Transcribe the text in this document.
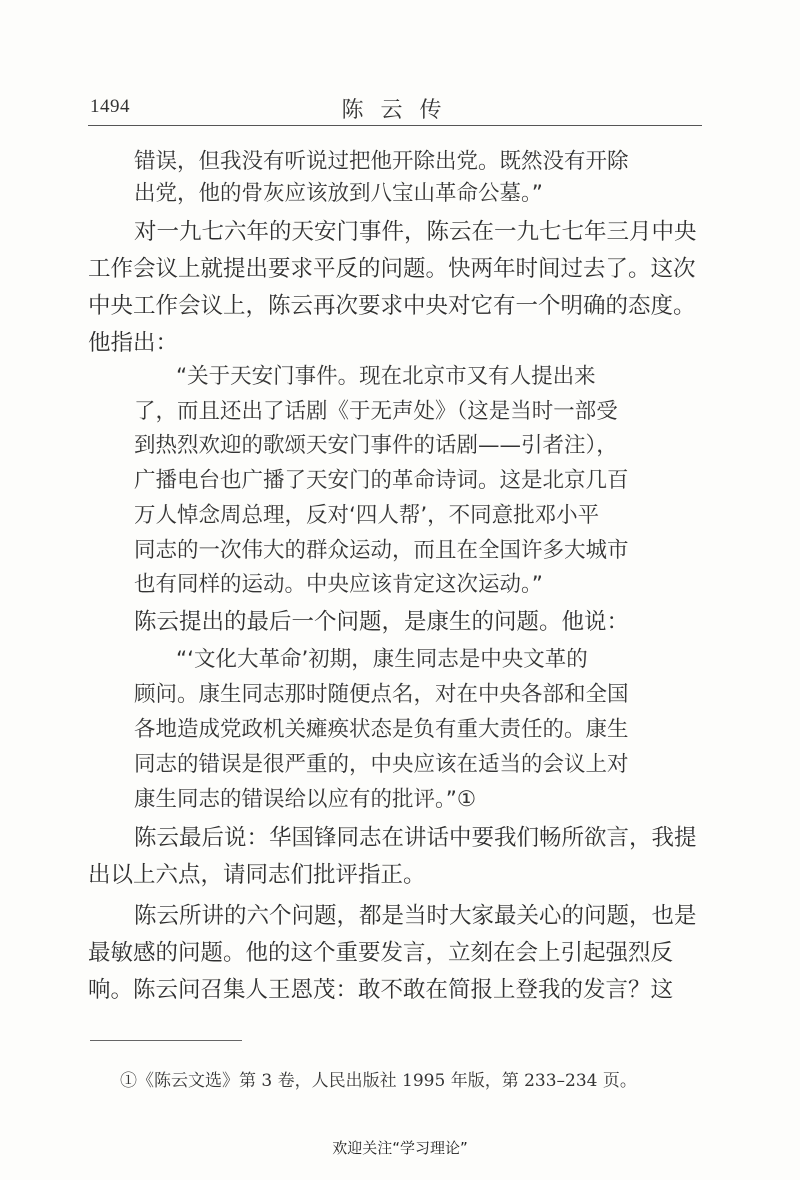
1494	陈云传
错误，但我没有听说过把他开除出党。既然没有开除
出党，他的骨灰应该放到八宝山革命公墓。”
对一九七六年的天安门事件，陈云在一九七七年三月中央
工作会议上就提出要求平反的问题。快两年时间过去了。这次
中央工作会议上，陈云再次要求中央对它有一个明确的态度。
他指出：
“关于天安门事件。现在北京市又有人提出来
了，而且还出了话剧《于无声处》（这是当时一部受
到热烈欢迎的歌颂天安门事件的话剧——引者注），
广播电台也广播了天安门的革命诗词。这是北京几百
万人悼念周总理，反对‘四人帮’，不同意批邓小平
同志的一次伟大的群众运动，而且在全国许多大城市
也有同样的运动。中央应该肯定这次运动。”
陈云提出的最后一个问题，是康生的问题。他说：
“‘文化大革命’初期，康生同志是中央文革的
顾问。康生同志那时随便点名，对在中央各部和全国
各地造成党政机关瘫痪状态是负有重大责任的。康生
同志的错误是很严重的，中央应该在适当的会议上对
康生同志的错误给以应有的批评。”①
陈云最后说：华国锋同志在讲话中要我们畅所欲言，我提
出以上六点，请同志们批评指正。
陈云所讲的六个问题，都是当时大家最关心的问题，也是
最敏感的问题。他的这个重要发言，立刻在会上引起强烈反
响。陈云问召集人王恩茂：敢不敢在简报上登我的发言？这
①《陈云文选》第 3 卷，人民出版社 1995 年版，第 233–234 页。
欢迎关注“学习理论”
